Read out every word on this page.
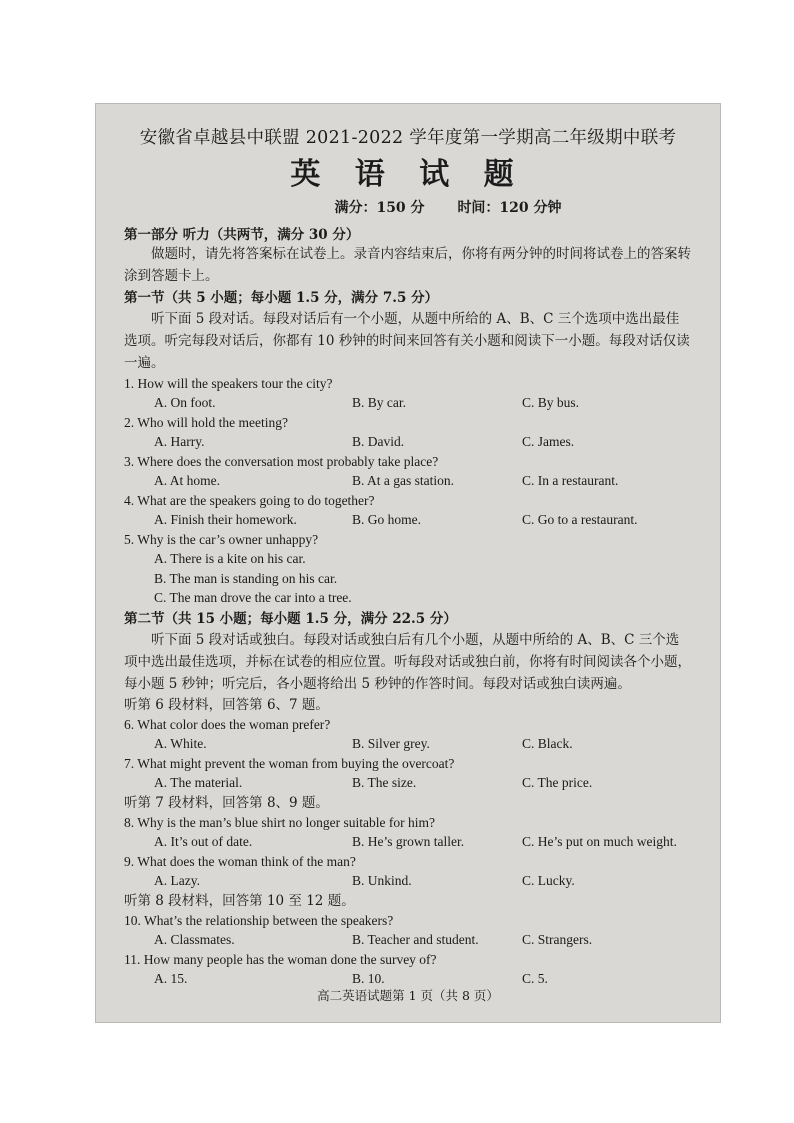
安徽省卓越县中联盟 2021-2022 学年度第一学期高二年级期中联考
英 语 试 题
满分：150 分 时间：120 分钟
第一部分 听力（共两节，满分 30 分）

做题时，请先将答案标在试卷上。录音内容结束后，你将有两分钟的时间将试卷上的答案转涂到答题卡上。

第一节（共 5 小题；每小题 1.5 分，满分 7.5 分）

听下面 5 段对话。每段对话后有一个小题，从题中所给的 A、B、C 三个选项中选出最佳选项。听完每段对话后，你都有 10 秒钟的时间来回答有关小题和阅读下一小题。每段对话仅读一遍。

1. How will the speakers tour the city?
A. On foot.	B. By car.	C. By bus.
2. Who will hold the meeting?
A. Harry.	B. David.	C. James.
3. Where does the conversation most probably take place?
A. At home.	B. At a gas station.	C. In a restaurant.
4. What are the speakers going to do together?
A. Finish their homework.	B. Go home.	C. Go to a restaurant.
5. Why is the car’s owner unhappy?
A. There is a kite on his car.
B. The man is standing on his car.
C. The man drove the car into a tree.
第二节（共 15 小题；每小题 1.5 分，满分 22.5 分）

听下面 5 段对话或独白。每段对话或独白后有几个小题，从题中所给的 A、B、C 三个选项中选出最佳选项，并标在试卷的相应位置。听每段对话或独白前，你将有时间阅读各个小题，每小题 5 秒钟；听完后，各小题将给出 5 秒钟的作答时间。每段对话或独白读两遍。

听第 6 段材料，回答第 6、7 题。
6. What color does the woman prefer?
A. White.	B. Silver grey.	C. Black.
7. What might prevent the woman from buying the overcoat?
A. The material.	B. The size.	C. The price.
听第 7 段材料，回答第 8、9 题。
8. Why is the man’s blue shirt no longer suitable for him?
A. It’s out of date.	B. He’s grown taller.	C. He’s put on much weight.
9. What does the woman think of the man?
A. Lazy.	B. Unkind.	C. Lucky.
听第 8 段材料，回答第 10 至 12 题。
10. What’s the relationship between the speakers?
A. Classmates.	B. Teacher and student.	C. Strangers.
11. How many people has the woman done the survey of?
A. 15.	B. 10.	C. 5.
高二英语试题第 1 页（共 8 页）
